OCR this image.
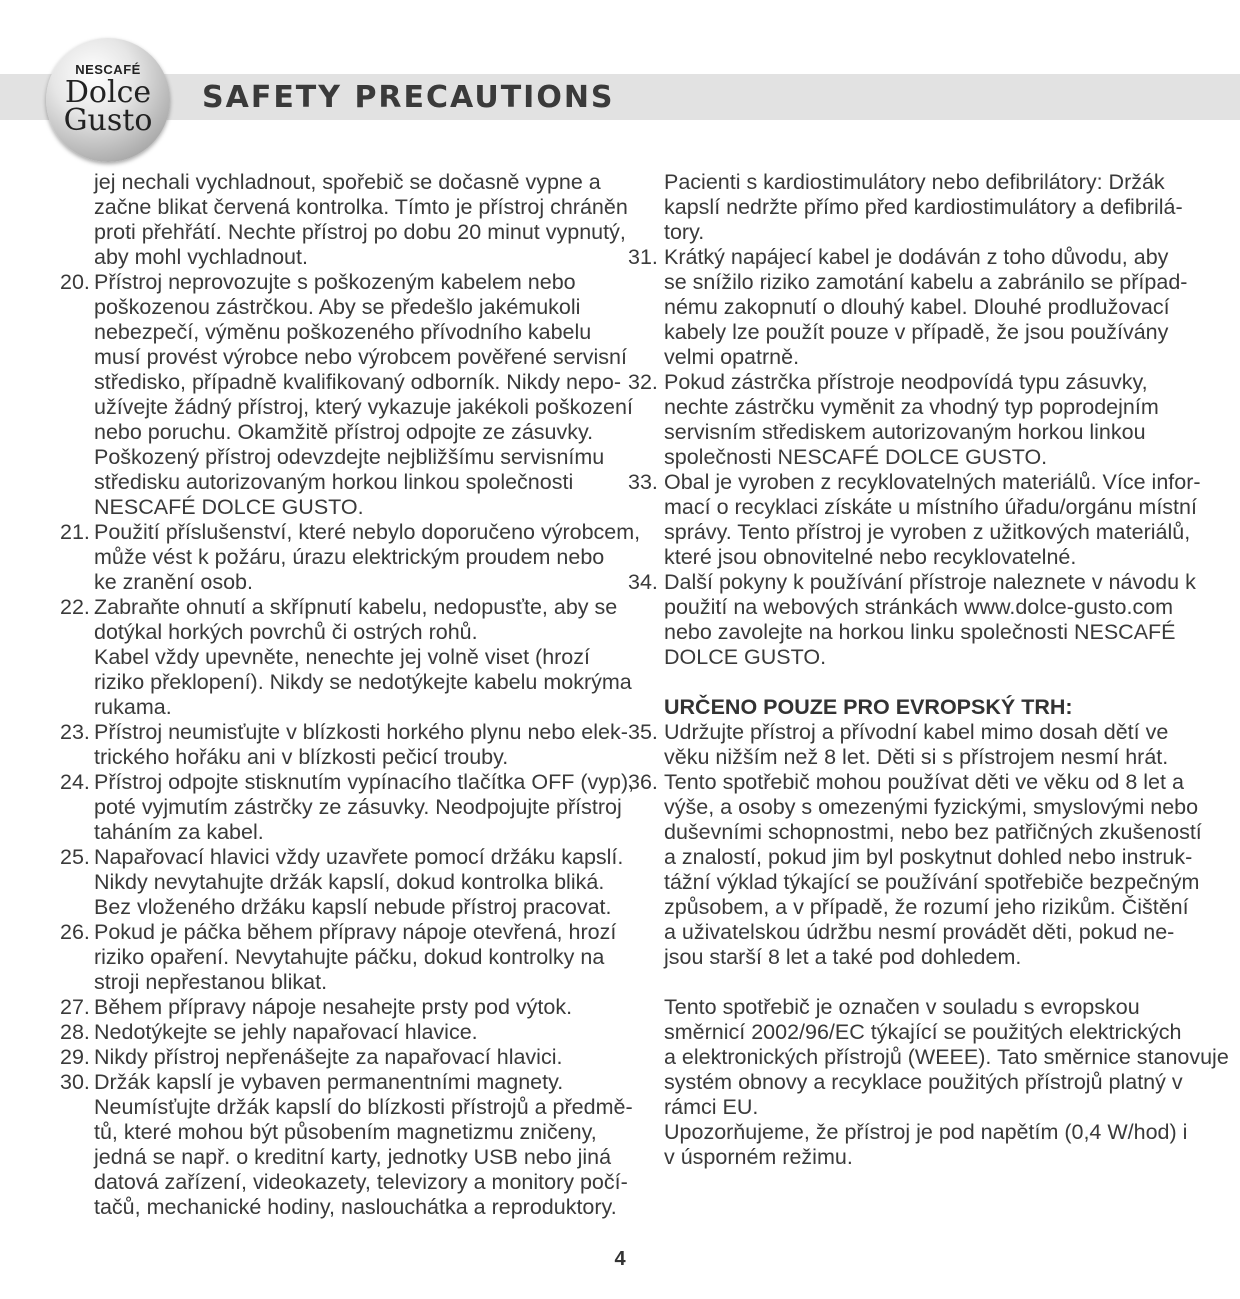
SAFETY PRECAUTIONS
NESCAFÉ
Dolce
Gusto
jej nechali vychladnout, spořebič se dočasně vypne a
začne blikat červená kontrolka. Tímto je přístroj chráněn
proti přehřátí. Nechte přístroj po dobu 20 minut vypnutý,
aby mohl vychladnout.
20. Přístroj neprovozujte s poškozeným kabelem nebo
poškozenou zástrčkou. Aby se předešlo jakémukoli
nebezpečí, výměnu poškozeného přívodního kabelu
musí provést výrobce nebo výrobcem pověřené servisní
středisko, případně kvalifikovaný odborník. Nikdy nepo-
užívejte žádný přístroj, který vykazuje jakékoli poškození
nebo poruchu. Okamžitě přístroj odpojte ze zásuvky.
Poškozený přístroj odevzdejte nejbližšímu servisnímu
středisku autorizovaným horkou linkou společnosti
NESCAFÉ DOLCE GUSTO.
21. Použití příslušenství, které nebylo doporučeno výrobcem,
může vést k požáru, úrazu elektrickým proudem nebo
ke zranění osob.
22. Zabraňte ohnutí a skřípnutí kabelu, nedopusťte, aby se
dotýkal horkých povrchů či ostrých rohů.
Kabel vždy upevněte, nenechte jej volně viset (hrozí
riziko překlopení). Nikdy se nedotýkejte kabelu mokrýma
rukama.
23. Přístroj neumisťujte v blízkosti horkého plynu nebo elek-
trického hořáku ani v blízkosti pečicí trouby.
24. Přístroj odpojte stisknutím vypínacího tlačítka OFF (vyp),
poté vyjmutím zástrčky ze zásuvky. Neodpojujte přístroj
taháním za kabel.
25. Napařovací hlavici vždy uzavřete pomocí držáku kapslí.
Nikdy nevytahujte držák kapslí, dokud kontrolka bliká.
Bez vloženého držáku kapslí nebude přístroj pracovat.
26. Pokud je páčka během přípravy nápoje otevřená, hrozí
riziko opaření. Nevytahujte páčku, dokud kontrolky na
stroji nepřestanou blikat.
27. Během přípravy nápoje nesahejte prsty pod výtok.
28. Nedotýkejte se jehly napařovací hlavice.
29. Nikdy přístroj nepřenášejte za napařovací hlavici.
30. Držák kapslí je vybaven permanentními magnety.
Neumísťujte držák kapslí do blízkosti přístrojů a předmě-
tů, které mohou být působením magnetizmu zničeny,
jedná se např. o kreditní karty, jednotky USB nebo jiná
datová zařízení, videokazety, televizory a monitory počí-
tačů, mechanické hodiny, naslouchátka a reproduktory.
Pacienti s kardiostimulátory nebo defibrilátory: Držák
kapslí nedržte přímo před kardiostimulátory a defibrilá-
tory.
31. Krátký napájecí kabel je dodáván z toho důvodu, aby
se snížilo riziko zamotání kabelu a zabránilo se případ-
nému zakopnutí o dlouhý kabel. Dlouhé prodlužovací
kabely lze použít pouze v případě, že jsou používány
velmi opatrně.
32. Pokud zástrčka přístroje neodpovídá typu zásuvky,
nechte zástrčku vyměnit za vhodný typ poprodejním
servisním střediskem autorizovaným horkou linkou
společnosti NESCAFÉ DOLCE GUSTO.
33. Obal je vyroben z recyklovatelných materiálů. Více infor-
mací o recyklaci získáte u místního úřadu/orgánu místní
správy. Tento přístroj je vyroben z užitkových materiálů,
které jsou obnovitelné nebo recyklovatelné.
34. Další pokyny k používání přístroje naleznete v návodu k
použití na webových stránkách www.dolce-gusto.com
nebo zavolejte na horkou linku společnosti NESCAFÉ
DOLCE GUSTO.
URČENO POUZE PRO EVROPSKÝ TRH:
35. Udržujte přístroj a přívodní kabel mimo dosah dětí ve
věku nižším než 8 let. Děti si s přístrojem nesmí hrát.
36. Tento spotřebič mohou používat děti ve věku od 8 let a
výše, a osoby s omezenými fyzickými, smyslovými nebo
duševními schopnostmi, nebo bez patřičných zkušeností
a znalostí, pokud jim byl poskytnut dohled nebo instruk-
tážní výklad týkající se používání spotřebiče bezpečným
způsobem, a v případě, že rozumí jeho rizikům. Čištění
a uživatelskou údržbu nesmí provádět děti, pokud ne-
jsou starší 8 let a také pod dohledem.
Tento spotřebič je označen v souladu s evropskou
směrnicí 2002/96/EC týkající se použitých elektrických
a elektronických přístrojů (WEEE). Tato směrnice stanovuje
systém obnovy a recyklace použitých přístrojů platný v
rámci EU.
Upozorňujeme, že přístroj je pod napětím (0,4 W/hod) i
v úsporném režimu.
4
